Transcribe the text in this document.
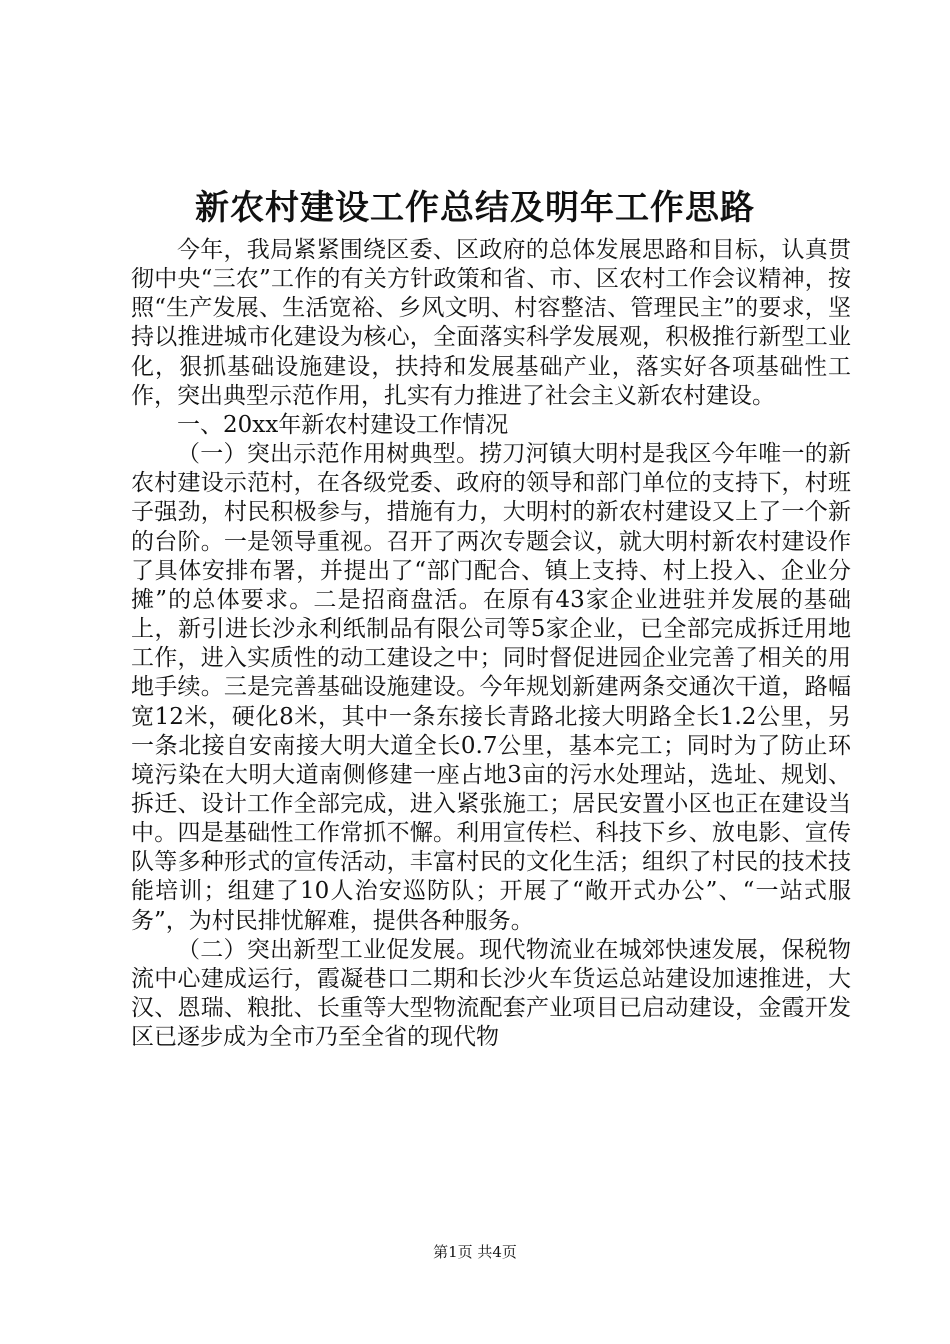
新农村建设工作总结及明年工作思路

今年，我局紧紧围绕区委、区政府的总体发展思路和目标，认真贯彻中央“三农”工作的有关方针政策和省、市、区农村工作会议精神，按照“生产发展、生活宽裕、乡风文明、村容整洁、管理民主”的要求，坚持以推进城市化建设为核心，全面落实科学发展观，积极推行新型工业化，狠抓基础设施建设，扶持和发展基础产业，落实好各项基础性工作，突出典型示范作用，扎实有力推进了社会主义新农村建设。

一、20xx年新农村建设工作情况

（一）突出示范作用树典型。捞刀河镇大明村是我区今年唯一的新农村建设示范村，在各级党委、政府的领导和部门单位的支持下，村班子强劲，村民积极参与，措施有力，大明村的新农村建设又上了一个新的台阶。一是领导重视。召开了两次专题会议，就大明村新农村建设作了具体安排布署，并提出了“部门配合、镇上支持、村上投入、企业分摊”的总体要求。二是招商盘活。在原有43家企业进驻并发展的基础上，新引进长沙永利纸制品有限公司等5家企业，已全部完成拆迁用地工作，进入实质性的动工建设之中；同时督促进园企业完善了相关的用地手续。三是完善基础设施建设。今年规划新建两条交通次干道，路幅宽12米，硬化8米，其中一条东接长青路北接大明路全长1.2公里，另一条北接自安南接大明大道全长0.7公里，基本完工；同时为了防止环境污染在大明大道南侧修建一座占地3亩的污水处理站，选址、规划、拆迁、设计工作全部完成，进入紧张施工；居民安置小区也正在建设当中。四是基础性工作常抓不懈。利用宣传栏、科技下乡、放电影、宣传队等多种形式的宣传活动，丰富村民的文化生活；组织了村民的技术技能培训；组建了10人治安巡防队；开展了“敞开式办公”、“一站式服务”，为村民排忧解难，提供各种服务。

（二）突出新型工业促发展。现代物流业在城郊快速发展，保税物流中心建成运行，霞凝巷口二期和长沙火车货运总站建设加速推进，大汉、恩瑞、粮批、长重等大型物流配套产业项目已启动建设，金霞开发区已逐步成为全市乃至全省的现代物

第1页 共4页
